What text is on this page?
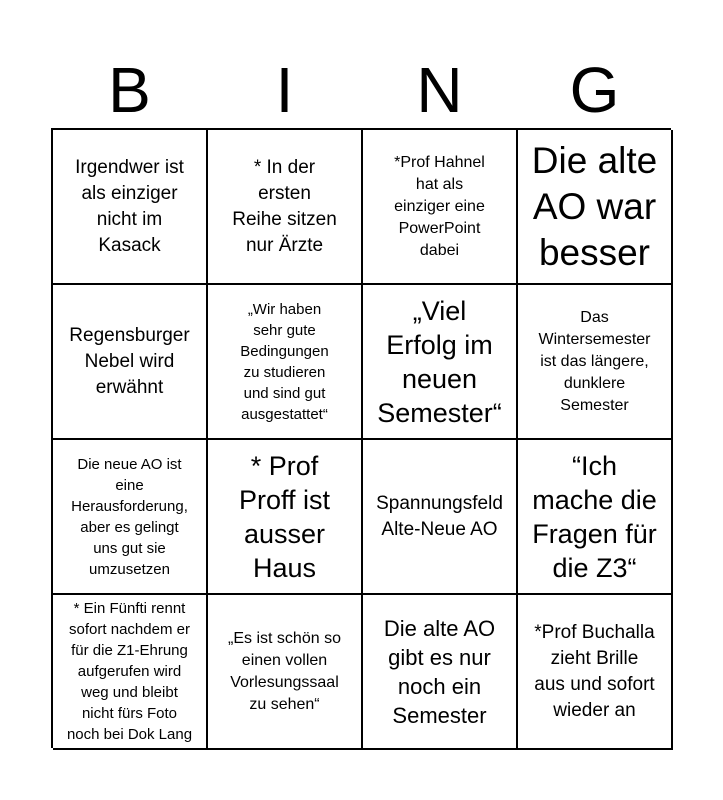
B	I	N	G
Irgendwer ist
als einziger
nicht im
Kasack
* In der
ersten
Reihe sitzen
nur Ärzte
*Prof Hahnel
hat als
einziger eine
PowerPoint
dabei
Die alte
AO war
besser
Regensburger
Nebel wird
erwähnt
„Wir haben
sehr gute
Bedingungen
zu studieren
und sind gut
ausgestattet“
„Viel
Erfolg im
neuen
Semester“
Das
Wintersemester
ist das längere,
dunklere
Semester
Die neue AO ist
eine
Herausforderung,
aber es gelingt
uns gut sie
umzusetzen
* Prof
Proff ist
ausser
Haus
Spannungsfeld
Alte-Neue AO
“Ich
mache die
Fragen für
die Z3“
* Ein Fünfti rennt
sofort nachdem er
für die Z1-Ehrung
aufgerufen wird
weg und bleibt
nicht fürs Foto
noch bei Dok Lang
„Es ist schön so
einen vollen
Vorlesungssaal
zu sehen“
Die alte AO
gibt es nur
noch ein
Semester
*Prof Buchalla
zieht Brille
aus und sofort
wieder an
